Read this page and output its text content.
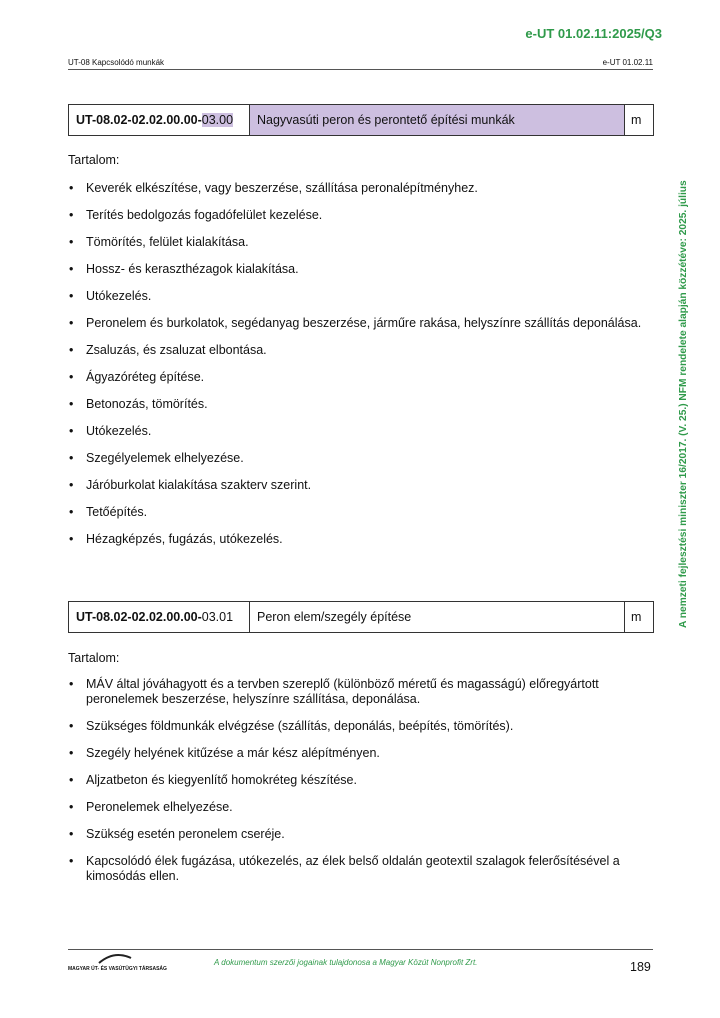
e-UT 01.02.11:2025/Q3
UT-08 Kapcsolódó munkák	e-UT 01.02.11
A nemzeti fejlesztési miniszter 16/2017. (V. 25.) NFM rendelete alapján közzétéve: 2025. július
UT-08.02-02.02.00.00- 03.00	Nagyvasúti peron és perontető építési munkák	m
Tartalom:
• Keverék elkészítése, vagy beszerzése, szállítása peronalépítményhez.
• Terítés bedolgozás fogadófelület kezelése.
• Tömörítés, felület kialakítása.
• Hossz- és keraszthézagok kialakítása.
• Utókezelés.
• Peronelem és burkolatok, segédanyag beszerzése, járműre rakása, helyszínre szállítás deponálása.
• Zsaluzás, és zsaluzat elbontása.
• Ágyazóréteg építése.
• Betonozás, tömörítés.
• Utókezelés.
• Szegélyelemek elhelyezése.
• Járóburkolat kialakítása szakterv szerint.
• Tetőépítés.
• Hézagképzés, fugázás, utókezelés.
UT-08.02-02.02.00.00- 03.01	Peron elem/szegély építése	m
Tartalom:
• MÁV által jóváhagyott és a tervben szereplő (különböző méretű és magasságú) előregyártott peronelemek beszerzése, helyszínre szállítása, deponálása.
• Szükséges földmunkák elvégzése (szállítás, deponálás, beépítés, tömörítés).
• Szegély helyének kitűzése a már kész alépítményen.
• Aljzatbeton és kiegyenlítő homokréteg készítése.
• Peronelemek elhelyezése.
• Szükség esetén peronelem cseréje.
• Kapcsolódó élek fugázása, utókezelés, az élek belső oldalán geotextil szalagok felerősítésével a kimosódás ellen.
MAGYAR ÚT- ÉS VASÚTÜGYI TÁRSASÁG
A dokumentum szerzői jogainak tulajdonosa a Magyar Közút Nonprofit Zrt.	189
